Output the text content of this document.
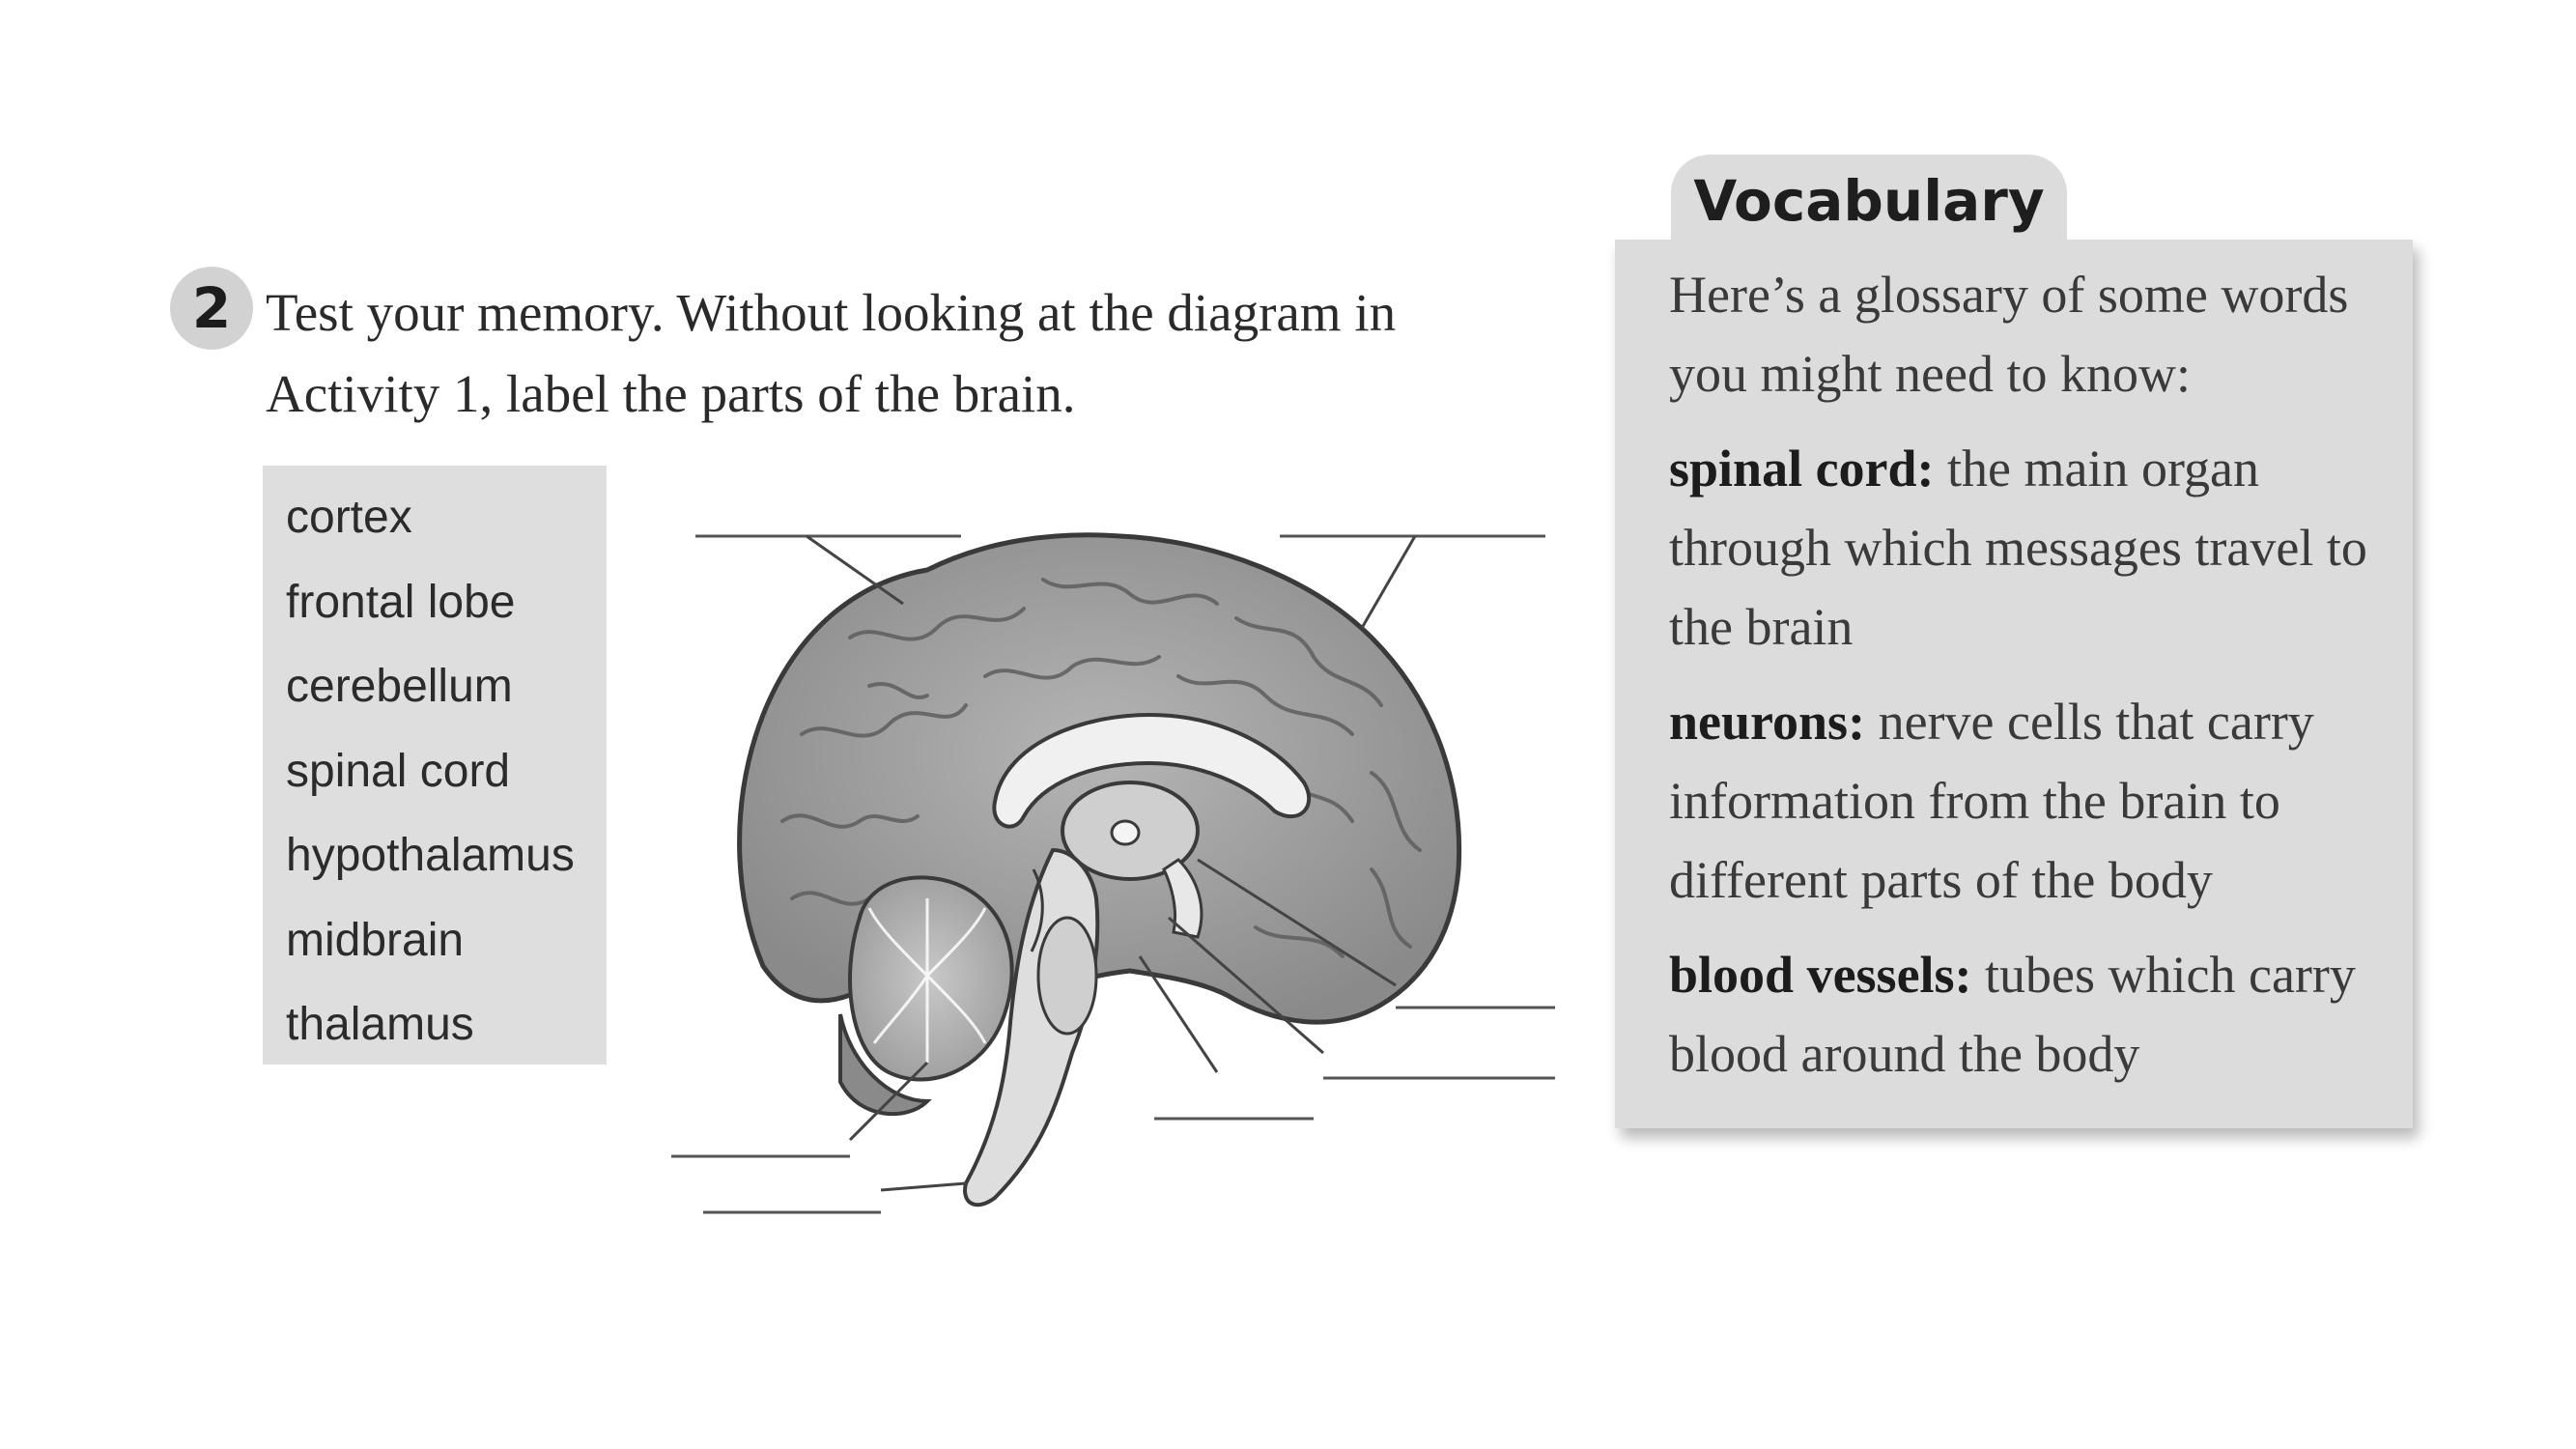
2 Test your memory. Without looking at the diagram in
Activity 1, label the parts of the brain.
cortex
frontal lobe
cerebellum
spinal cord
hypothalamus
midbrain
thalamus
Vocabulary

Here’s a glossary of some words you might need to know:

spinal cord: the main organ through which messages travel to the brain

neurons: nerve cells that carry information from the brain to different parts of the body

blood vessels: tubes which carry blood around the body
